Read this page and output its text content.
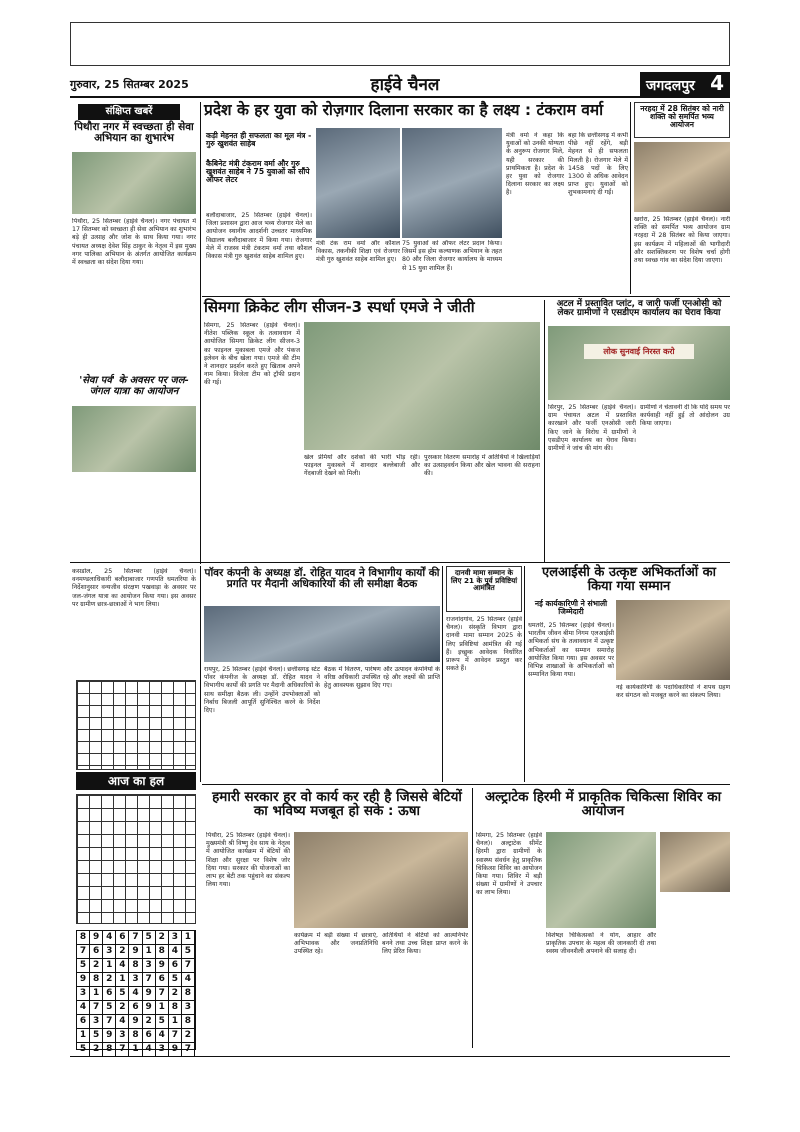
गुरुवार, 25 सितम्बर 2025	हाईवे चैनल	जगदलपुर 4
संक्षिप्त खबरें
पिथौरा नगर में स्वच्छता ही सेवा अभियान का शुभारंभ
पिथौरा, 25 सितम्बर (हाईवे चैनल)। नगर पंचायत में 17 सितम्बर को स्वच्छता ही सेवा अभियान का शुभारंभ बड़े ही उत्साह और जोश के साथ किया गया। नगर पंचायत अध्यक्ष देवेश सिंह ठाकुर के नेतृत्व में इस मुख्य नगर पालिका अभियान के अंतर्गत आयोजित कार्यक्रम में स्वच्छता का संदेश दिया गया।
'सेवा पर्व' के अवसर पर जल-जंगल यात्रा का आयोजन
प्रदेश के हर युवा को रोज़गार दिलाना सरकार का है लक्ष्य : टंकराम वर्मा
कड़ी मेहनत ही सफलता का मूल मंत्र - गुरु खुशवंत साहेब
कैबिनेट मंत्री टंकराम वर्मा और गुरु खुशवंत साहेब ने 75 युवाओं को सौंपे ऑफर लेटर
बलौदाबाजार, 25 सितम्बर (हाईवे चैनल)। जिला प्रशासन द्वारा आज भव्य रोजगार मेले का आयोजन स्थानीय आदर्शनी उच्चतर माध्यमिक विद्यालय बलौदाबाजार में किया गया। रोजगार मेले में राजस्व मंत्री टंकराम वर्मा तथा कौशल विकास मंत्री गुरु खुशवंत साहेब शामिल हुए।
मंत्री टंक राम वर्मा और कौशल विकास, तकनीकी शिक्षा एवं रोजगार मंत्री गुरु खुशवंत साहेब शामिल हुए।
75 युवाओं को ऑफर लेटर प्रदान किया। जिसमें इस होम कल्याणक अभियान के तहत 80 और जिला रोजगार कार्यालय के माध्यम से 15 युवा शामिल हैं।
मंत्री वर्मा ने कहा कि युवाओं को उनकी योग्यता के अनुरूप रोजगार मिले, यही सरकार की प्राथमिकता है। प्रदेश के हर युवा को रोजगार दिलाना सरकार का लक्ष्य है।
बहा कि छत्तीसगढ़ में कभी पीछे नहीं रहेंगे, बड़ी मेहनत से ही सफलता मिलती है। रोजगार मेले में 1458 पदों के लिए 1300 से अधिक आवेदन प्राप्त हुए। युवाओं को शुभकामनाएं दी गईं।
नरहदा में 28 सितंबर को नारी शक्ति को समर्पित भव्य आयोजन
खरोरा, 25 सितम्बर (हाईवे चैनल)। नारी शक्ति को समर्पित भव्य आयोजन ग्राम नरहदा में 28 सितंबर को किया जाएगा। इस कार्यक्रम में महिलाओं की भागीदारी और सशक्तिकरण पर विशेष चर्चा होगी तथा स्वच्छ गांव का संदेश दिया जाएगा।
सिमगा क्रिकेट लीग सीजन-3 स्पर्धा एमजे ने जीती
सिमगा, 25 सितम्बर (हाईवे चैनल)। नीतेश पब्लिक स्कूल के तत्वावधान में आयोजित सिमगा क्रिकेट लीग सीजन-3 का फाइनल मुकाबला एमजे और पंकज इलेवन के बीच खेला गया। एमजे की टीम ने शानदार प्रदर्शन करते हुए खिताब अपने नाम किया। विजेता टीम को ट्रॉफी प्रदान की गई।
खेल प्रेमियों और दर्शकों की भारी भीड़ रही। फाइनल मुकाबले में शानदार बल्लेबाजी और गेंदबाजी देखने को मिली।
पुरस्कार वितरण समारोह में अतिथियों ने खिलाड़ियों का उत्साहवर्धन किया और खेल भावना की सराहना की।
अटल में प्रस्तावित प्लांट, व जारी फर्जी एनओसी को लेकर ग्रामीणों ने एसडीएम कार्यालय का घेराव किया
लोक सुनवाई निरस्त करो
सिरपुर, 25 सितम्बर (हाईवे चैनल)। ग्राम पंचायत अटल में प्रस्तावित कारखाने और फर्जी एनओसी जारी किए जाने के विरोध में ग्रामीणों ने एसडीएम कार्यालय का घेराव किया। ग्रामीणों ने जांच की मांग की।
ग्रामीणों ने चेतावनी दी कि यदि समय पर कार्यवाही नहीं हुई तो आंदोलन उग्र किया जाएगा।
कसडोल, 25 सितम्बर (हाईवे चैनल)। वनमण्डलाधिकारी बलौदाबाजार गणपति धमतरिया के निर्देशानुसार वन्यजीव संरक्षण पखवाड़ा के अवसर पर जल-जंगल यात्रा का आयोजन किया गया। इस अवसर पर ग्रामीण छात्र-छात्राओं ने भाग लिया।
पॉवर कंपनी के अध्यक्ष डॉ. रोहित यादव ने विभागीय कार्यों की प्रगति पर मैदानी अधिकारियों की ली समीक्षा बैठक
रायपुर, 25 सितम्बर (हाईवे चैनल)। छत्तीसगढ़ स्टेट पॉवर कंपनीज के अध्यक्ष डॉ. रोहित यादव ने विभागीय कार्यों की प्रगति पर मैदानी अधिकारियों के साथ समीक्षा बैठक ली। उन्होंने उपभोक्ताओं को निर्बाध बिजली आपूर्ति सुनिश्चित करने के निर्देश दिए।
बैठक में वितरण, पारेषण और उत्पादन कंपनियों के वरिष्ठ अधिकारी उपस्थित रहे और लक्ष्यों की प्राप्ति हेतु आवश्यक सुझाव दिए गए।
दानवी मामा सम्मान के लिए 21 के पूर्व प्रविष्टियां आमंत्रित
राजनांदगांव, 25 सितम्बर (हाईवे चैनल)। संस्कृति विभाग द्वारा दानवी मामा सम्मान 2025 के लिए प्रविष्टियां आमंत्रित की गई हैं। इच्छुक आवेदक निर्धारित प्रारूप में आवेदन प्रस्तुत कर सकते हैं।
एलआईसी के उत्कृष्ट अभिकर्ताओं का किया गया सम्मान
नई कार्यकारिणी ने संभाली जिम्मेदारी
धमतरी, 25 सितम्बर (हाईवे चैनल)। भारतीय जीवन बीमा निगम एलआईसी अभिकर्ता संघ के तत्वावधान में उत्कृष्ट अभिकर्ताओं का सम्मान समारोह आयोजित किया गया। इस अवसर पर विभिन्न शाखाओं के अभिकर्ताओं को सम्मानित किया गया।
नई कार्यकारिणी के पदाधिकारियों ने शपथ ग्रहण कर संगठन को मजबूत करने का संकल्प लिया।
आज का हल
8 9 4 6 7 5 2 3 1
7 6 3 2 9 1 8 4 5
5 2 1 4 8 3 9 6 7
9 8 2 1 3 7 6 5 4
3 1 6 5 4 9 7 2 8
4 7 5 2 6 9 1 8 3
6 3 7 4 9 2 5 1 8
1 5 9 3 8 6 4 7 2
5 2 8 7 1 4 3 9 7
हमारी सरकार हर वो कार्य कर रही है जिससे बेटियों का भविष्य मजबूत हो सके : ऊषा
पिथौरा, 25 सितम्बर (हाईवे चैनल)। मुख्यमंत्री श्री विष्णु देव साय के नेतृत्व में आयोजित कार्यक्रम में बेटियों की शिक्षा और सुरक्षा पर विशेष जोर दिया गया। सरकार की योजनाओं का लाभ हर बेटी तक पहुंचाने का संकल्प लिया गया।
कार्यक्रम में बड़ी संख्या में छात्राएं, अभिभावक और जनप्रतिनिधि उपस्थित रहे।
अतिथियों ने बेटियों को आत्मनिर्भर बनने तथा उच्च शिक्षा प्राप्त करने के लिए प्रेरित किया।
अल्ट्राटेक हिरमी में प्राकृतिक चिकित्सा शिविर का आयोजन
सिमगा, 25 सितम्बर (हाईवे चैनल)। अल्ट्राटेक सीमेंट हिरमी द्वारा ग्रामीणों के स्वास्थ्य संवर्धन हेतु प्राकृतिक चिकित्सा शिविर का आयोजन किया गया। शिविर में बड़ी संख्या में ग्रामीणों ने उपचार का लाभ लिया।
विशेषज्ञ चिकित्सकों ने योग, आहार और प्राकृतिक उपचार के महत्व की जानकारी दी तथा स्वस्थ जीवनशैली अपनाने की सलाह दी।
